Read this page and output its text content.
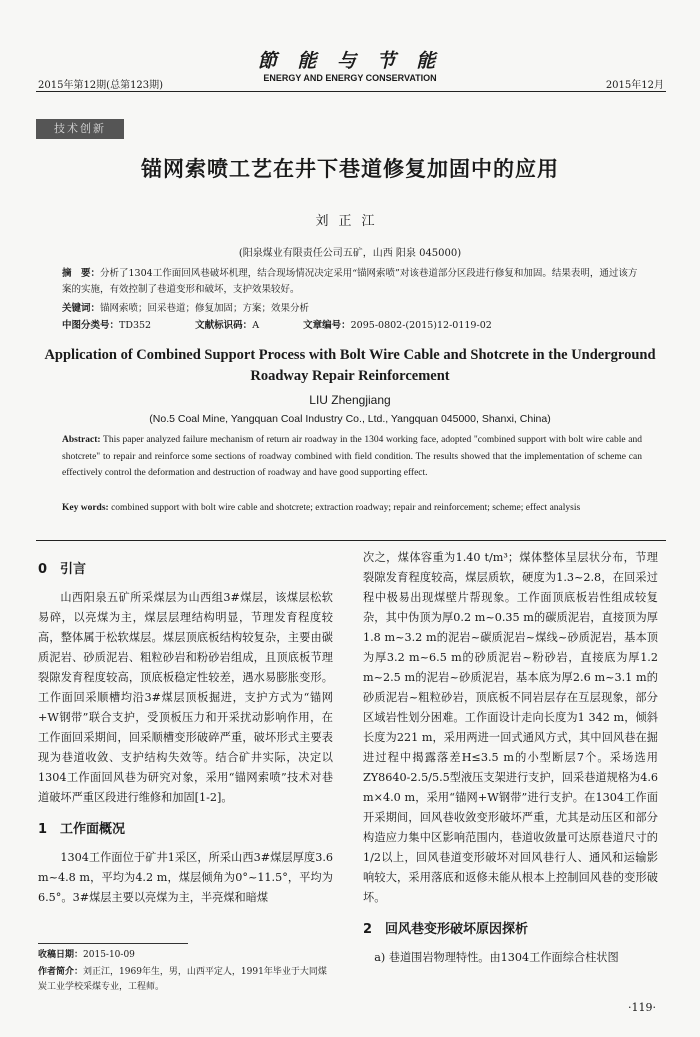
2015年第12期(总第123期)
節 能 与 节 能
ENERGY AND ENERGY CONSERVATION
2015年12月
技术创新
锚网索喷工艺在井下巷道修复加固中的应用
刘正江
(阳泉煤业有限责任公司五矿，山西 阳泉 045000)
摘　要：分析了1304工作面回风巷破坏机理，结合现场情况决定采用“锚网索喷”对该巷道部分区段进行修复和加固。结果表明，通过该方案的实施，有效控制了巷道变形和破坏，支护效果较好。
关键词：锚网索喷；回采巷道；修复加固；方案；效果分析
中图分类号：TD352	文献标识码：A	文章编号：2095-0802-(2015)12-0119-02
Application of Combined Support Process with Bolt Wire Cable and Shotcrete in the Underground Roadway Repair Reinforcement
LIU Zhengjiang
(No.5 Coal Mine, Yangquan Coal Industry Co., Ltd., Yangquan 045000, Shanxi, China)
Abstract: This paper analyzed failure mechanism of return air roadway in the 1304 working face, adopted "combined support with bolt wire cable and shotcrete" to repair and reinforce some sections of roadway combined with field condition. The results showed that the implementation of scheme can effectively control the deformation and destruction of roadway and have good supporting effect.
Key words: combined support with bolt wire cable and shotcrete; extraction roadway; repair and reinforcement; scheme; effect analysis
0　引言
山西阳泉五矿所采煤层为山西组3#煤层，该煤层松软易碎，以亮煤为主，煤层层理结构明显，节理发育程度较高，整体属于松软煤层。煤层顶底板结构较复杂，主要由碳质泥岩、砂质泥岩、粗粒砂岩和粉砂岩组成，且顶底板节理裂隙发育程度较高，顶底板稳定性较差，遇水易膨胀变形。工作面回采顺槽均沿3#煤层顶板掘进，支护方式为“锚网+W钢带”联合支护，受顶板压力和开采扰动影响作用，在工作面回采期间，回采顺槽变形破碎严重，破坏形式主要表现为巷道收敛、支护结构失效等。结合矿井实际，决定以1304工作面回风巷为研究对象，采用“锚网索喷”技术对巷道破坏严重区段进行维修和加固[1-2]。
1　工作面概况
1304工作面位于矿井1采区，所采山西3#煤层厚度3.6 m~4.8 m，平均为4.2 m，煤层倾角为0°~11.5°，平均为6.5°。3#煤层主要以亮煤为主，半亮煤和暗煤
次之，煤体容重为1.40 t/m³；煤体整体呈层状分布，节理裂隙发育程度较高，煤层质软，硬度为1.3~2.8，在回采过程中极易出现煤壁片帮现象。工作面顶底板岩性组成较复杂，其中伪顶为厚0.2 m~0.35 m的碳质泥岩，直接顶为厚1.8 m~3.2 m的泥岩~碳质泥岩~煤线~砂质泥岩，基本顶为厚3.2 m~6.5 m的砂质泥岩~粉砂岩，直接底为厚1.2 m~2.5 m的泥岩~砂质泥岩，基本底为厚2.6 m~3.1 m的砂质泥岩~粗粒砂岩，顶底板不同岩层存在互层现象，部分区域岩性划分困难。工作面设计走向长度为1 342 m，倾斜长度为221 m，采用两进一回式通风方式，其中回风巷在掘进过程中揭露落差H≤3.5 m的小型断层7个。采场选用ZY8640-2.5/5.5型液压支架进行支护，回采巷道规格为4.6 m×4.0 m，采用“锚网+W钢带”进行支护。在1304工作面开采期间，回风巷收敛变形破坏严重，尤其是动压区和部分构造应力集中区影响范围内，巷道收敛量可达原巷道尺寸的1/2以上，回风巷道变形破坏对回风巷行人、通风和运输影响较大，采用落底和返修未能从根本上控制回风巷的变形破坏。
2　回风巷变形破坏原因探析
a) 巷道围岩物理特性。由1304工作面综合柱状图
收稿日期：2015-10-09
作者简介：刘正江，1969年生，男，山西平定人，1991年毕业于大同煤炭工业学校采煤专业，工程师。
·119·
